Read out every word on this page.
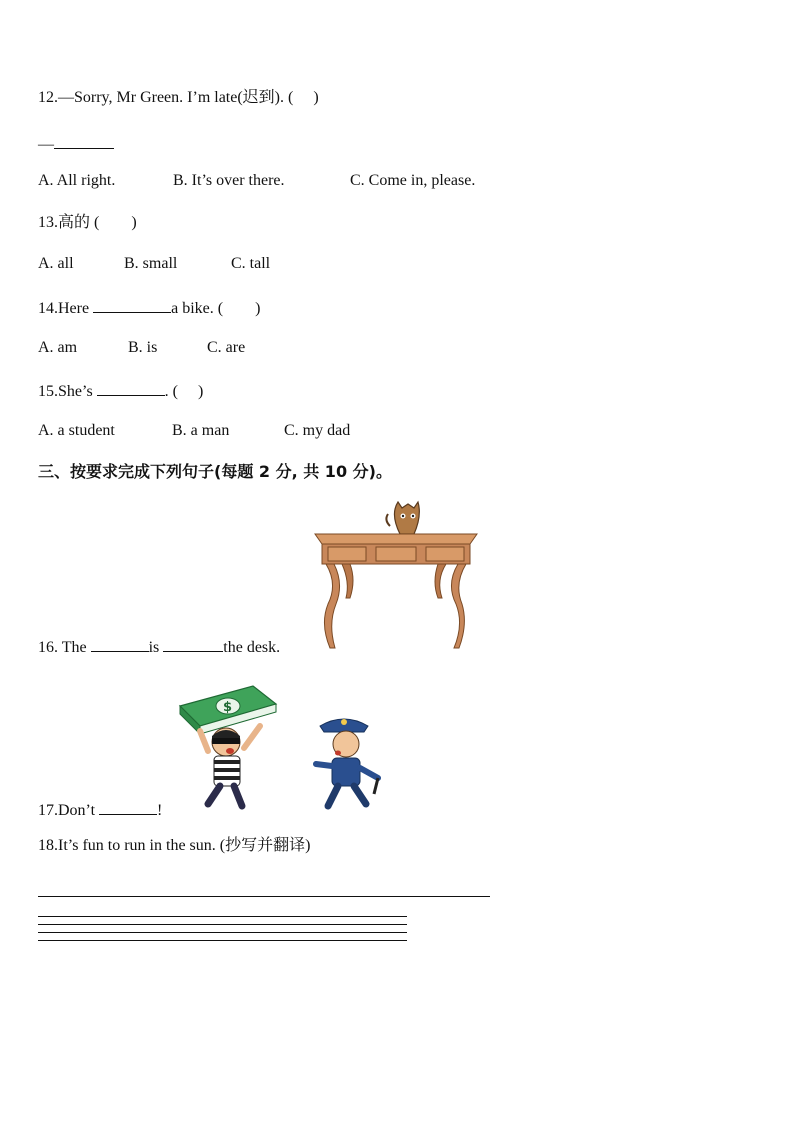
12.—Sorry, Mr Green. I’m late(迟到). (　 )
—
A. All right.	B. It’s over there.	C. Come in, please.
13.高的 (　　)
A. all	B. small	C. tall
14.Here	a bike. (　　)
A. am	B. is	C. are
15.She’s	. (　 )
A. a student	B. a man	C. my dad
三、按要求完成下列句子(每题 2 分, 共 10 分)。
16. The	is	the desk.
$
17.Don’t	!
18.It’s fun to run in the sun. (抄写并翻译)
